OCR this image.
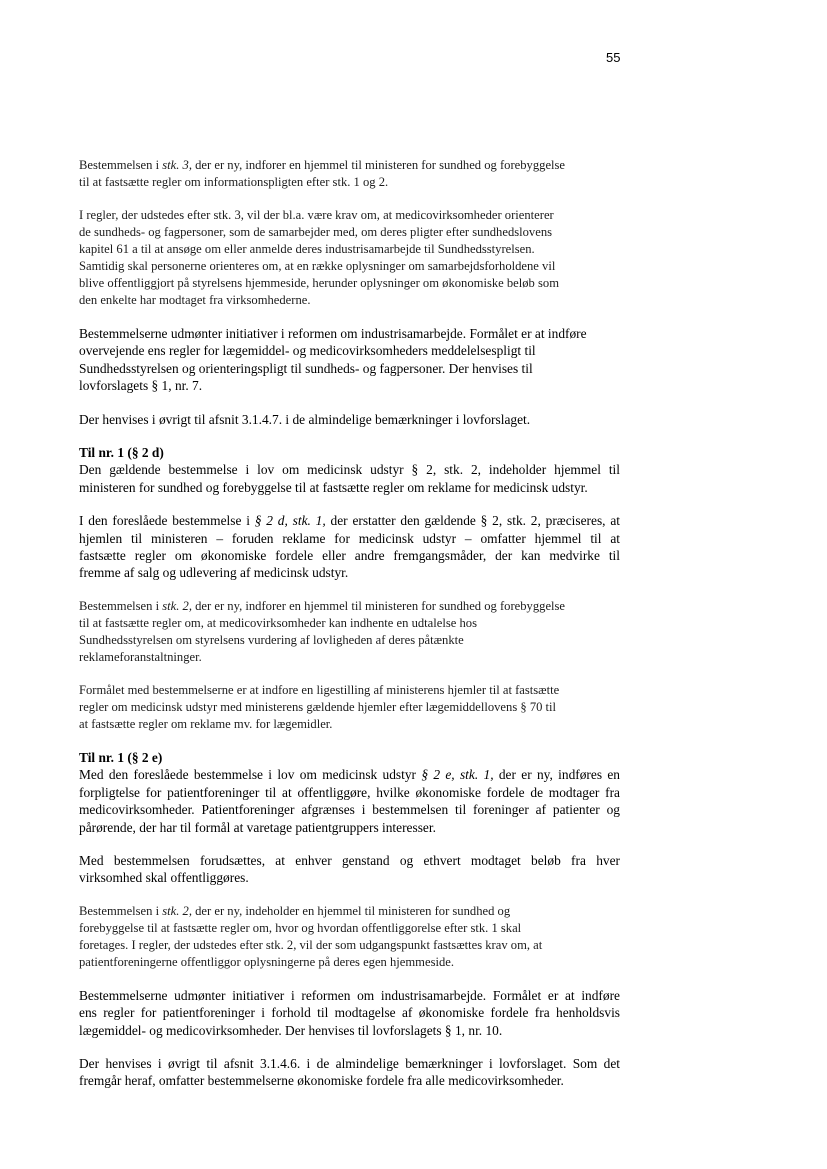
55

Bestemmelsen i stk. 3, der er ny, indforer en hjemmel til ministeren for sundhed og forebyggelse
til at fastsætte regler om informationspligten efter stk. 1 og 2.

I regler, der udstedes efter stk. 3, vil der bl.a. være krav om, at medicovirksomheder orienterer
de sundheds- og fagpersoner, som de samarbejder med, om deres pligter efter sundhedslovens
kapitel 61 a til at ansøge om eller anmelde deres industrisamarbejde til Sundhedsstyrelsen.
Samtidig skal personerne orienteres om, at en række oplysninger om samarbejdsforholdene vil
blive offentliggjort på styrelsens hjemmeside, herunder oplysninger om økonomiske beløb som
den enkelte har modtaget fra virksomhederne.

Bestemmelserne udmønter initiativer i reformen om industrisamarbejde. Formålet er at indføre
overvejende ens regler for lægemiddel- og medicovirksomheders meddelelsespligt til
Sundhedsstyrelsen og orienteringspligt til sundheds- og fagpersoner. Der henvises til
lovforslagets § 1, nr. 7.

Der henvises i øvrigt til afsnit 3.1.4.7. i de almindelige bemærkninger i lovforslaget.

Til nr. 1 (§ 2 d)
Den gældende bestemmelse i lov om medicinsk udstyr § 2, stk. 2, indeholder hjemmel til
ministeren for sundhed og forebyggelse til at fastsætte regler om reklame for medicinsk udstyr.

I den foreslåede bestemmelse i § 2 d, stk. 1, der erstatter den gældende § 2, stk. 2, præciseres, at
hjemlen til ministeren – foruden reklame for medicinsk udstyr – omfatter hjemmel til at
fastsætte regler om økonomiske fordele eller andre fremgangsmåder, der kan medvirke til
fremme af salg og udlevering af medicinsk udstyr.

Bestemmelsen i stk. 2, der er ny, indforer en hjemmel til ministeren for sundhed og forebyggelse
til at fastsætte regler om, at medicovirksomheder kan indhente en udtalelse hos
Sundhedsstyrelsen om styrelsens vurdering af lovligheden af deres påtænkte
reklameforanstaltninger.

Formålet med bestemmelserne er at indfore en ligestilling af ministerens hjemler til at fastsætte
regler om medicinsk udstyr med ministerens gældende hjemler efter lægemiddellovens § 70 til
at fastsætte regler om reklame mv. for lægemidler.

Til nr. 1 (§ 2 e)
Med den foreslåede bestemmelse i lov om medicinsk udstyr § 2 e, stk. 1, der er ny, indføres en
forpligtelse for patientforeninger til at offentliggøre, hvilke økonomiske fordele de modtager fra
medicovirksomheder. Patientforeninger afgrænses i bestemmelsen til foreninger af patienter og
pårørende, der har til formål at varetage patientgruppers interesser.

Med bestemmelsen forudsættes, at enhver genstand og ethvert modtaget beløb fra hver
virksomhed skal offentliggøres.

Bestemmelsen i stk. 2, der er ny, indeholder en hjemmel til ministeren for sundhed og
forebyggelse til at fastsætte regler om, hvor og hvordan offentliggorelse efter stk. 1 skal
foretages. I regler, der udstedes efter stk. 2, vil der som udgangspunkt fastsættes krav om, at
patientforeningerne offentliggor oplysningerne på deres egen hjemmeside.

Bestemmelserne udmønter initiativer i reformen om industrisamarbejde. Formålet er at indføre
ens regler for patientforeninger i forhold til modtagelse af økonomiske fordele fra henholdsvis
lægemiddel- og medicovirksomheder. Der henvises til lovforslagets § 1, nr. 10.

Der henvises i øvrigt til afsnit 3.1.4.6. i de almindelige bemærkninger i lovforslaget. Som det
fremgår heraf, omfatter bestemmelserne økonomiske fordele fra alle medicovirksomheder.
